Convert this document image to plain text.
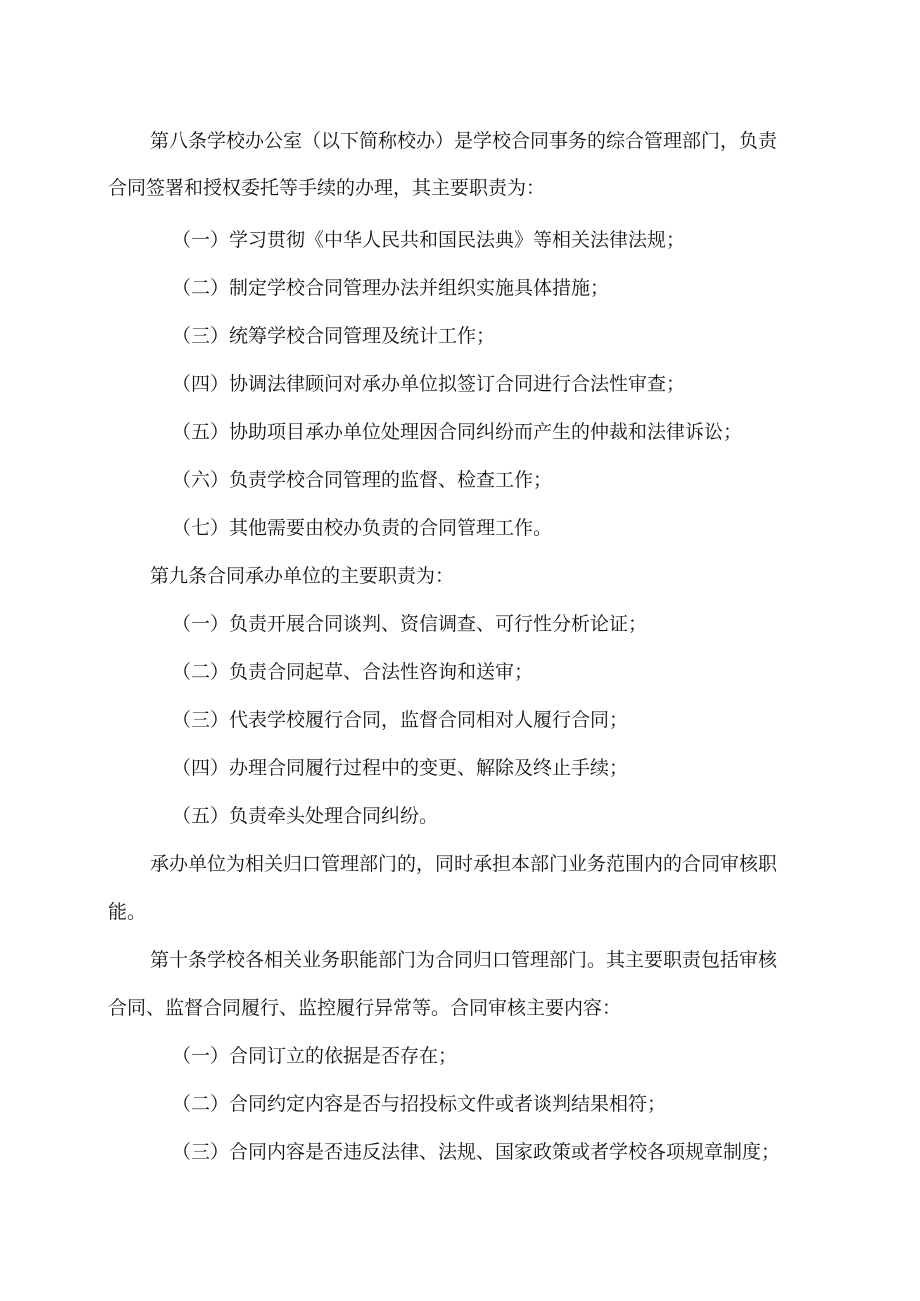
第八条学校办公室（以下简称校办）是学校合同事务的综合管理部门，负责
合同签署和授权委托等手续的办理，其主要职责为：
（一）学习贯彻《中华人民共和国民法典》等相关法律法规；
（二）制定学校合同管理办法并组织实施具体措施；
（三）统筹学校合同管理及统计工作；
（四）协调法律顾问对承办单位拟签订合同进行合法性审查；
（五）协助项目承办单位处理因合同纠纷而产生的仲裁和法律诉讼；
（六）负责学校合同管理的监督、检查工作；
（七）其他需要由校办负责的合同管理工作。
第九条合同承办单位的主要职责为：
（一）负责开展合同谈判、资信调查、可行性分析论证；
（二）负责合同起草、合法性咨询和送审；
（三）代表学校履行合同，监督合同相对人履行合同；
（四）办理合同履行过程中的变更、解除及终止手续；
（五）负责牵头处理合同纠纷。
承办单位为相关归口管理部门的，同时承担本部门业务范围内的合同审核职
能。
第十条学校各相关业务职能部门为合同归口管理部门。其主要职责包括审核
合同、监督合同履行、监控履行异常等。合同审核主要内容：
（一）合同订立的依据是否存在；
（二）合同约定内容是否与招投标文件或者谈判结果相符；
（三）合同内容是否违反法律、法规、国家政策或者学校各项规章制度；
